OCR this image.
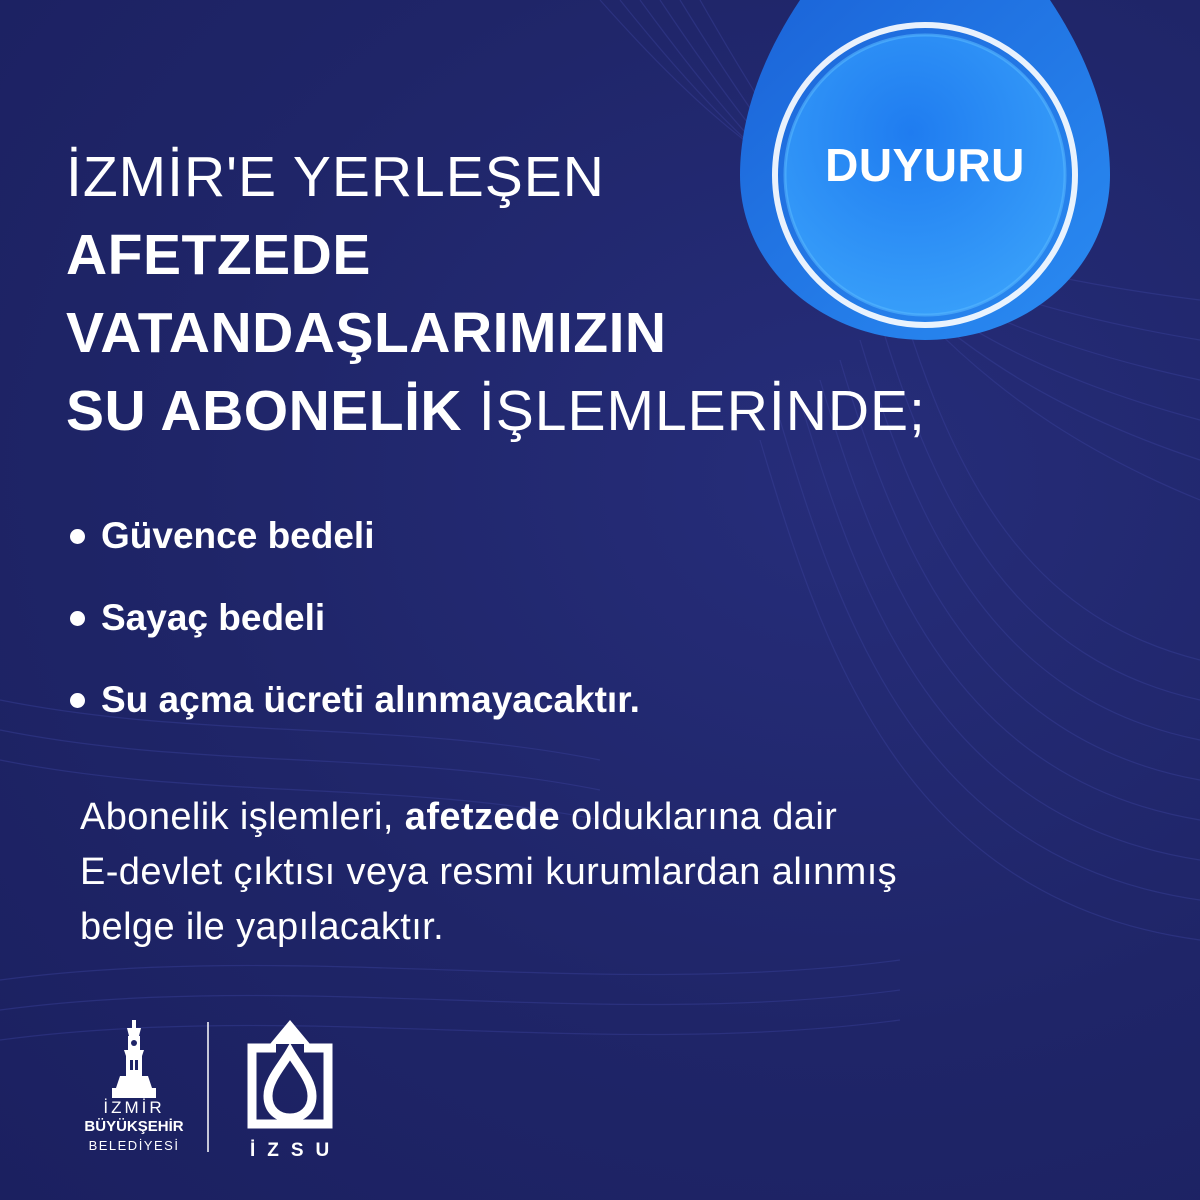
DUYURU
İZMİR'E YERLEŞEN
AFETZEDE
VATANDAŞLARIMIZIN
SU ABONELİK İŞLEMLERİNDE;
Güvence bedeli
Sayaç bedeli
Su açma ücreti alınmayacaktır.
Abonelik işlemleri, afetzede olduklarına dair
E-devlet çıktısı veya resmi kurumlardan alınmış
belge ile yapılacaktır.
İZMİR
BÜYÜKŞEHİR
BELEDİYESİ	İZSU
